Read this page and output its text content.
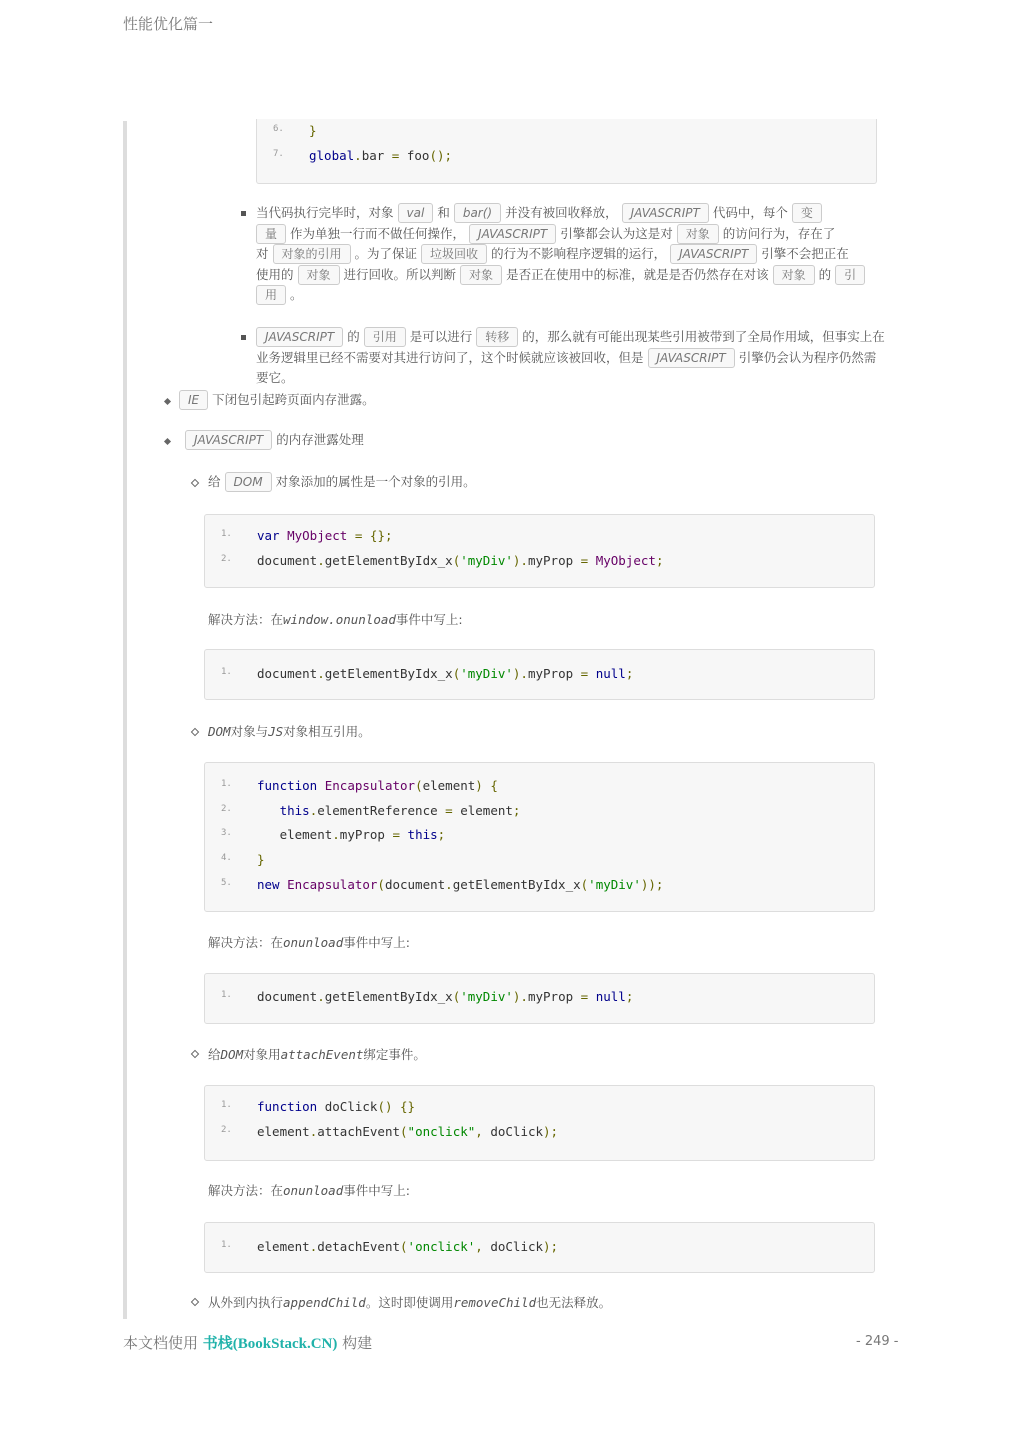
性能优化篇一
6.	}
7.	global.bar = foo();
当代码执行完毕时，对象 val 和 bar() 并没有被回收释放， JAVASCRIPT 代码中，每个 变
量 作为单独一行而不做任何操作， JAVASCRIPT 引擎都会认为这是对 对象 的访问行为，存在了
对 对象的引用 。为了保证 垃圾回收 的行为不影响程序逻辑的运行， JAVASCRIPT 引擎不会把正在
使用的 对象 进行回收。所以判断 对象 是否正在使用中的标准，就是是否仍然存在对该 对象 的 引
用 。
JAVASCRIPT 的 引用 是可以进行 转移 的，那么就有可能出现某些引用被带到了全局作用域，但事实上在
业务逻辑里已经不需要对其进行访问了，这个时候就应该被回收，但是 JAVASCRIPT 引擎仍会认为程序仍然需
要它。
IE 下闭包引起跨页面内存泄露。
JAVASCRIPT 的内存泄露处理
给 DOM 对象添加的属性是一个对象的引用。
1.	var MyObject = {};
2.	document.getElementByIdx_x('myDiv').myProp = MyObject;
解决方法：在window.onunload事件中写上:
1.	document.getElementByIdx_x('myDiv').myProp = null;
DOM对象与JS对象相互引用。
1.	function Encapsulator(element) {
2.	this.elementReference = element;
3.	element.myProp = this;
4.	}
5.	new Encapsulator(document.getElementByIdx_x('myDiv'));
解决方法：在onunload事件中写上:
1.	document.getElementByIdx_x('myDiv').myProp = null;
给DOM对象用attachEvent绑定事件。
1.	function doClick() {}
2.	element.attachEvent("onclick", doClick);
解决方法：在onunload事件中写上:
1.	element.detachEvent('onclick', doClick);
从外到内执行appendChild。这时即使调用removeChild也无法释放。
本文档使用 书栈(BookStack.CN) 构建	- 249 -
